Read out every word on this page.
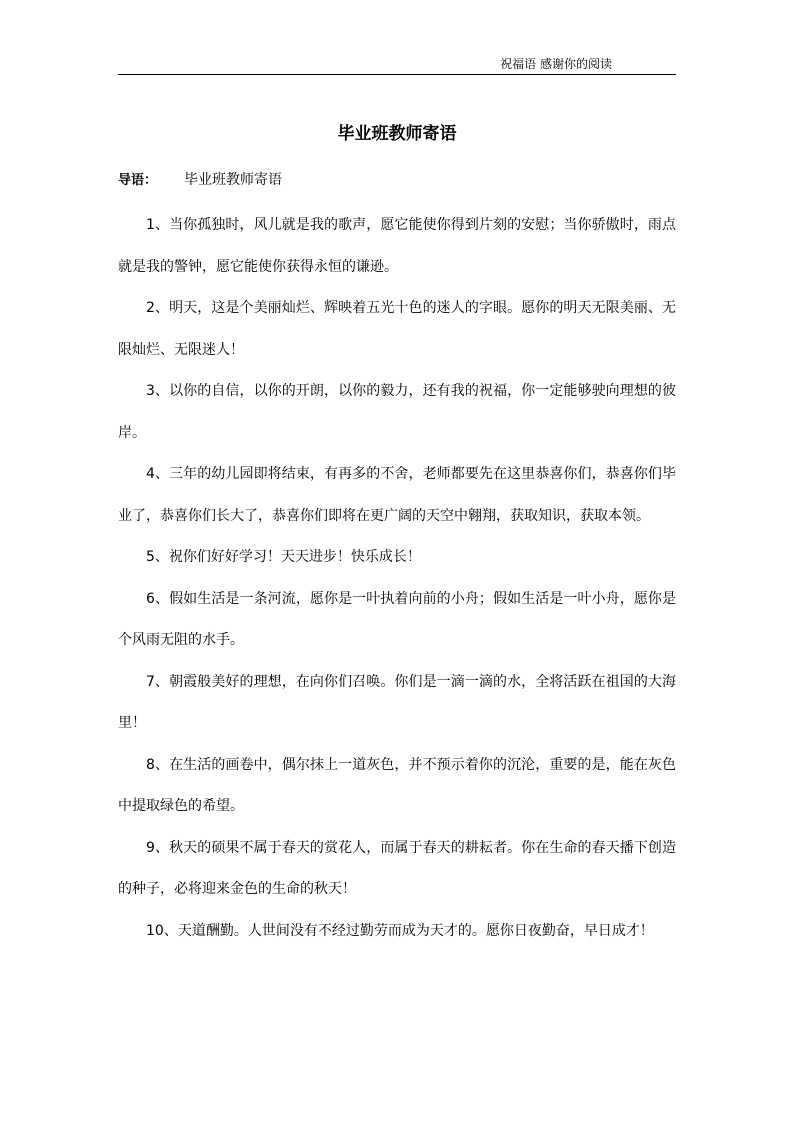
祝福语 感谢你的阅读
毕业班教师寄语
导语： 毕业班教师寄语

1、当你孤独时，风儿就是我的歌声，愿它能使你得到片刻的安慰；当你骄傲时，雨点就是我的警钟，愿它能使你获得永恒的谦逊。

2、明天，这是个美丽灿烂、辉映着五光十色的迷人的字眼。愿你的明天无限美丽、无限灿烂、无限迷人！

3、以你的自信，以你的开朗，以你的毅力，还有我的祝福，你一定能够驶向理想的彼岸。

4、三年的幼儿园即将结束，有再多的不舍，老师都要先在这里恭喜你们，恭喜你们毕业了，恭喜你们长大了，恭喜你们即将在更广阔的天空中翱翔，获取知识，获取本领。

5、祝你们好好学习！天天进步！快乐成长！

6、假如生活是一条河流，愿你是一叶执着向前的小舟；假如生活是一叶小舟，愿你是个风雨无阻的水手。

7、朝霞般美好的理想，在向你们召唤。你们是一滴一滴的水，全将活跃在祖国的大海里！

8、在生活的画卷中，偶尔抹上一道灰色，并不预示着你的沉沦，重要的是，能在灰色中提取绿色的希望。

9、秋天的硕果不属于春天的赏花人，而属于春天的耕耘者。你在生命的春天播下创造的种子，必将迎来金色的生命的秋天！

10、天道酬勤。人世间没有不经过勤劳而成为天才的。愿你日夜勤奋，早日成才！
